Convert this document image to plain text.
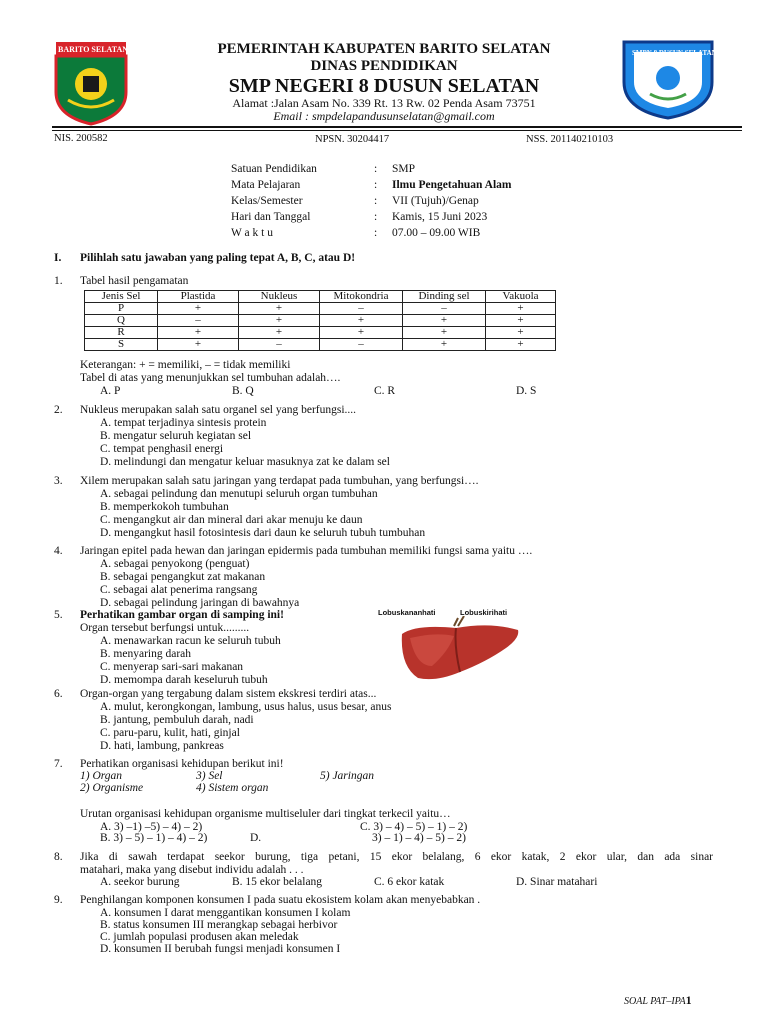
BARITO SELATAN	SMPN 8 DUSUN SELATAN
PEMERINTAH KABUPATEN BARITO SELATAN
DINAS PENDIDIKAN
SMP NEGERI 8 DUSUN SELATAN
Alamat :Jalan Asam No. 339 Rt. 13 Rw. 02 Penda Asam 73751
Email : smpdelapandusunselatan@gmail.com
NIS. 200582	NPSN. 30204417	NSS. 201140210103
Satuan Pendidikan	: SMP
Mata Pelajaran	: Ilmu Pengetahuan Alam
Kelas/Semester	: VII (Tujuh)/Genap
Hari dan Tanggal	: Kamis, 15 Juni 2023
W a k t u	: 07.00 – 09.00 WIB
I. Pilihlah satu jawaban yang paling tepat A, B, C, atau D!
1. Tabel hasil pengamatan
Jenis Sel	Plastida	Nukleus	Mitokondria	Dinding sel	Vakuola
P	+	+	–	–	+
Q	–	+	+	+	+
R	+	+	+	+	+
S	+	–	–	+	+
Keterangan: + = memiliki, – = tidak memiliki
Tabel di atas yang menunjukkan sel tumbuhan adalah….
A. P	B. Q	C. R	D. S
2. Nukleus merupakan salah satu organel sel yang berfungsi....
A. tempat terjadinya sintesis protein
B. mengatur seluruh kegiatan sel
C. tempat penghasil energi
D. melindungi dan mengatur keluar masuknya zat ke dalam sel
3. Xilem merupakan salah satu jaringan yang terdapat pada tumbuhan, yang berfungsi….
A. sebagai pelindung dan menutupi seluruh organ tumbuhan
B. memperkokoh tumbuhan
C. mengangkut air dan mineral dari akar menuju ke daun
D. mengangkut hasil fotosintesis dari daun ke seluruh tubuh tumbuhan
4. Jaringan epitel pada hewan dan jaringan epidermis pada tumbuhan memiliki fungsi sama yaitu ….
A. sebagai penyokong (penguat)
B. sebagai pengangkut zat makanan
C. sebagai alat penerima rangsang
D. sebagai pelindung jaringan di bawahnya
5. Perhatikan gambar organ di samping ini!
Organ tersebut berfungsi untuk.........
A. menawarkan racun ke seluruh tubuh
B. menyaring darah
C. menyerap sari-sari makanan
D. memompa darah keseluruh tubuh
Lobuskananhati	Lobuskirihati
6. Organ-organ yang tergabung dalam sistem ekskresi terdiri atas...
A. mulut, kerongkongan, lambung, usus halus, usus besar, anus
B. jantung, pembuluh darah, nadi
C. paru-paru, kulit, hati, ginjal
D. hati, lambung, pankreas
7. Perhatikan organisasi kehidupan berikut ini!
1) Organ	3) Sel	5) Jaringan
2) Organisme	4) Sistem organ
Urutan organisasi kehidupan organisme multiseluler dari tingkat terkecil yaitu…
A. 3) –1) –5) – 4) – 2)	C. 3) – 4) – 5) – 1) – 2)
B. 3) – 5) – 1) – 4) – 2)	D.	3) – 1) – 4) – 5) – 2)
8. Jika di sawah terdapat seekor burung, tiga petani, 15 ekor belalang, 6 ekor katak, 2 ekor ular, dan ada sinar
matahari, maka yang disebut individu adalah . . .
A. seekor burung	B. 15 ekor belalang	C. 6 ekor katak	D. Sinar matahari
9. Penghilangan komponen konsumen I pada suatu ekosistem kolam akan menyebabkan .
A. konsumen I darat menggantikan konsumen I kolam
B. status konsumen III merangkap sebagai herbivor
C. jumlah populasi produsen akan meledak
D. konsumen II berubah fungsi menjadi konsumen I
SOAL PAT–IPA1
